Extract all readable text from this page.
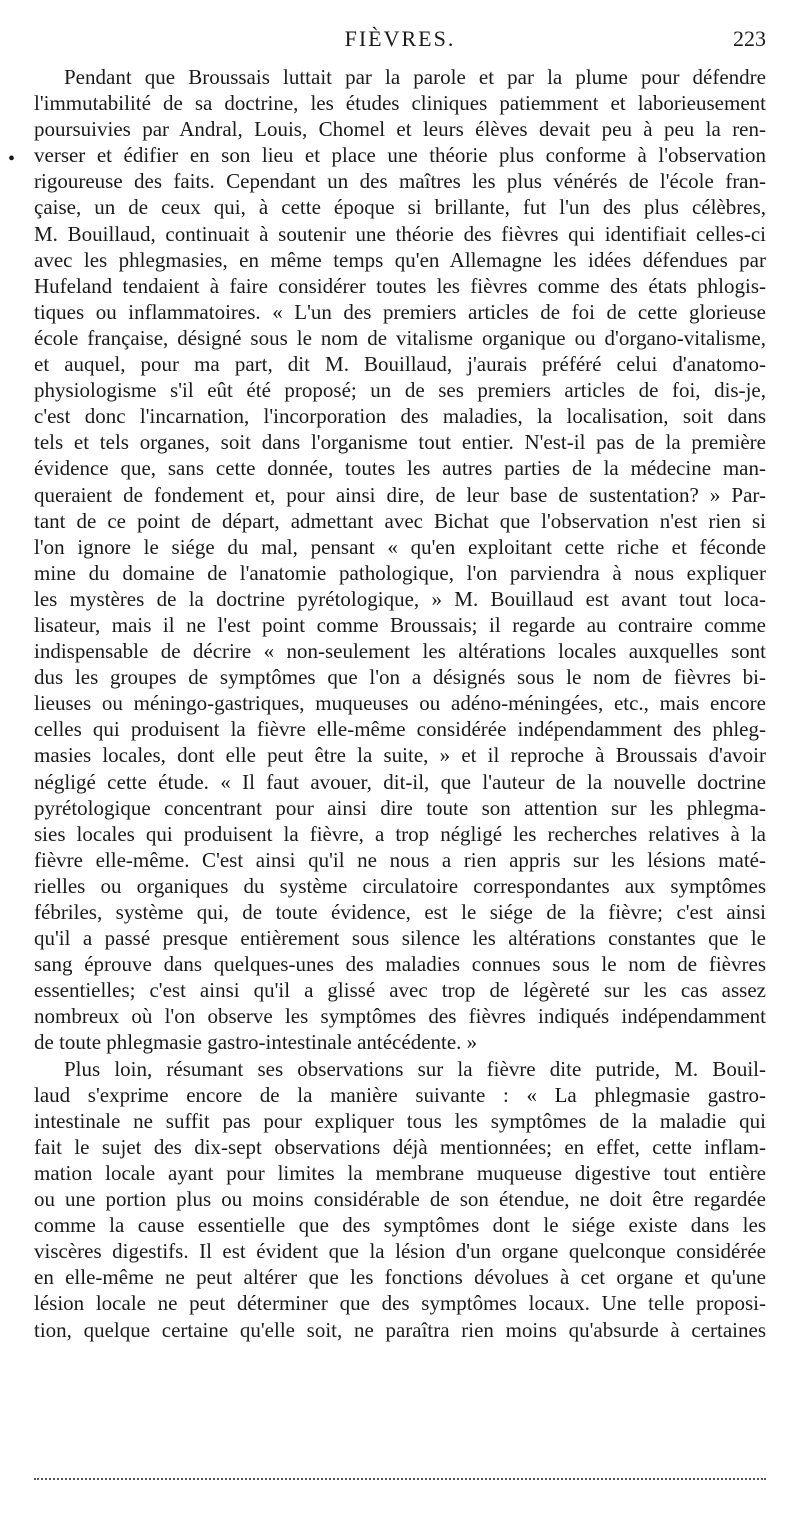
FIÈVRES.	223
•
Pendant que Broussais luttait par la parole et par la plume pour défendre
l'immutabilité de sa doctrine, les études cliniques patiemment et laborieusement
poursuivies par Andral, Louis, Chomel et leurs élèves devait peu à peu la ren-
verser et édifier en son lieu et place une théorie plus conforme à l'observation
rigoureuse des faits. Cependant un des maîtres les plus vénérés de l'école fran-
çaise, un de ceux qui, à cette époque si brillante, fut l'un des plus célèbres,
M. Bouillaud, continuait à soutenir une théorie des fièvres qui identifiait celles-ci
avec les phlegmasies, en même temps qu'en Allemagne les idées défendues par
Hufeland tendaient à faire considérer toutes les fièvres comme des états phlogis-
tiques ou inflammatoires. « L'un des premiers articles de foi de cette glorieuse
école française, désigné sous le nom de vitalisme organique ou d'organo-vitalisme,
et auquel, pour ma part, dit M. Bouillaud, j'aurais préféré celui d'anatomo-
physiologisme s'il eût été proposé; un de ses premiers articles de foi, dis-je,
c'est donc l'incarnation, l'incorporation des maladies, la localisation, soit dans
tels et tels organes, soit dans l'organisme tout entier. N'est-il pas de la première
évidence que, sans cette donnée, toutes les autres parties de la médecine man-
queraient de fondement et, pour ainsi dire, de leur base de sustentation? » Par-
tant de ce point de départ, admettant avec Bichat que l'observation n'est rien si
l'on ignore le siége du mal, pensant « qu'en exploitant cette riche et féconde
mine du domaine de l'anatomie pathologique, l'on parviendra à nous expliquer
les mystères de la doctrine pyrétologique, » M. Bouillaud est avant tout loca-
lisateur, mais il ne l'est point comme Broussais; il regarde au contraire comme
indispensable de décrire « non-seulement les altérations locales auxquelles sont
dus les groupes de symptômes que l'on a désignés sous le nom de fièvres bi-
lieuses ou méningo-gastriques, muqueuses ou adéno-méningées, etc., mais encore
celles qui produisent la fièvre elle-même considérée indépendamment des phleg-
masies locales, dont elle peut être la suite, » et il reproche à Broussais d'avoir
négligé cette étude. « Il faut avouer, dit-il, que l'auteur de la nouvelle doctrine
pyrétologique concentrant pour ainsi dire toute son attention sur les phlegma-
sies locales qui produisent la fièvre, a trop négligé les recherches relatives à la
fièvre elle-même. C'est ainsi qu'il ne nous a rien appris sur les lésions maté-
rielles ou organiques du système circulatoire correspondantes aux symptômes
fébriles, système qui, de toute évidence, est le siége de la fièvre; c'est ainsi
qu'il a passé presque entièrement sous silence les altérations constantes que le
sang éprouve dans quelques-unes des maladies connues sous le nom de fièvres
essentielles; c'est ainsi qu'il a glissé avec trop de légèreté sur les cas assez
nombreux où l'on observe les symptômes des fièvres indiqués indépendamment
de toute phlegmasie gastro-intestinale antécédente. »
Plus loin, résumant ses observations sur la fièvre dite putride, M. Bouil-
laud s'exprime encore de la manière suivante : « La phlegmasie gastro-
intestinale ne suffit pas pour expliquer tous les symptômes de la maladie qui
fait le sujet des dix-sept observations déjà mentionnées; en effet, cette inflam-
mation locale ayant pour limites la membrane muqueuse digestive tout entière
ou une portion plus ou moins considérable de son étendue, ne doit être regardée
comme la cause essentielle que des symptômes dont le siége existe dans les
viscères digestifs. Il est évident que la lésion d'un organe quelconque considérée
en elle-même ne peut altérer que les fonctions dévolues à cet organe et qu'une
lésion locale ne peut déterminer que des symptômes locaux. Une telle proposi-
tion, quelque certaine qu'elle soit, ne paraîtra rien moins qu'absurde à certaines
